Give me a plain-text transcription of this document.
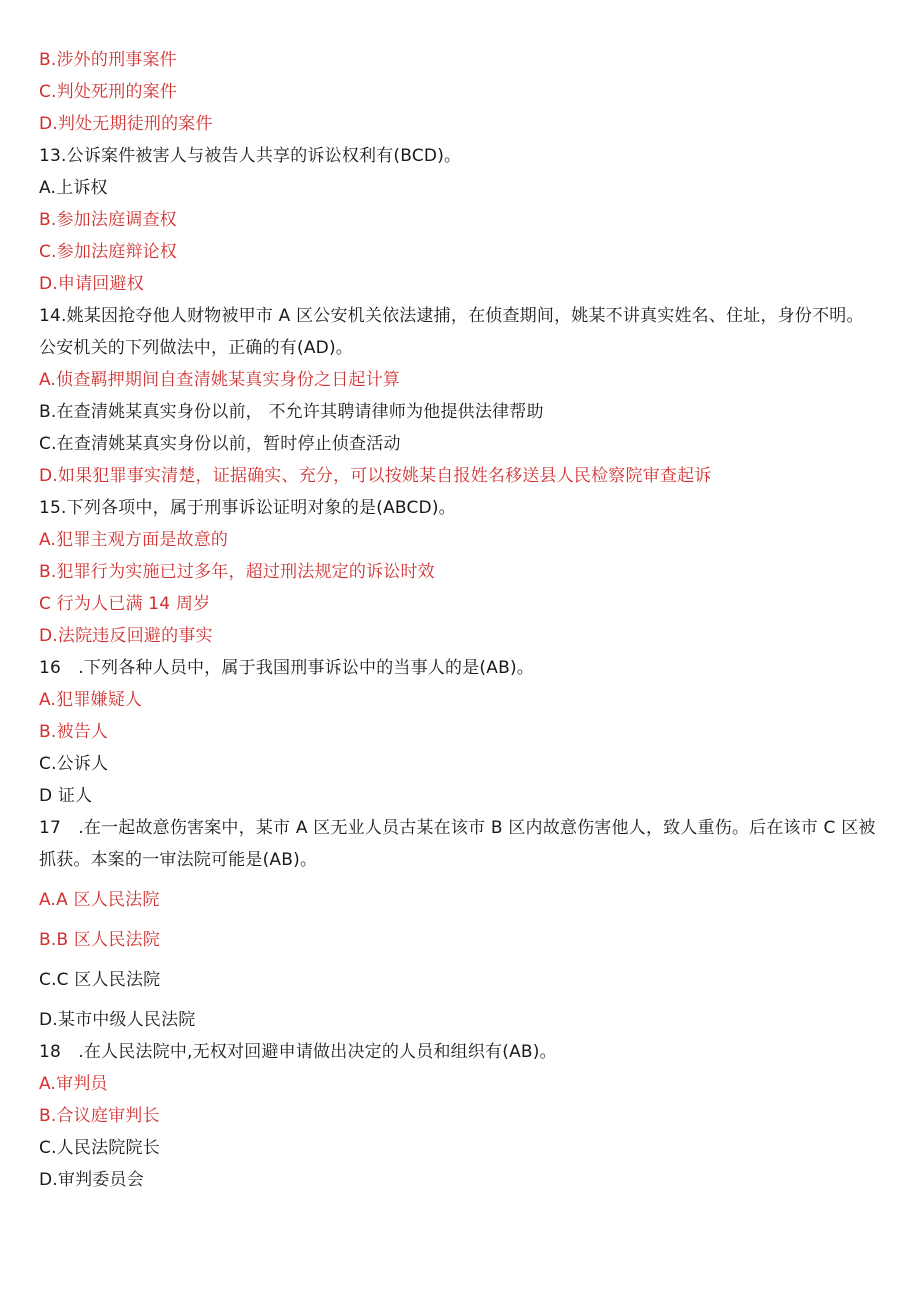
B.涉外的刑事案件
C.判处死刑的案件
D.判处无期徒刑的案件
13.公诉案件被害人与被告人共享的诉讼权利有(BCD)。
A.上诉权
B.参加法庭调查权
C.参加法庭辩论权
D.申请回避权
14.姚某因抢夺他人财物被甲市 A 区公安机关依法逮捕，在侦查期间，姚某不讲真实姓名、住址，身份不明。公安机关的下列做法中，正确的有(AD)。
A.侦查羁押期间自查清姚某真实身份之日起计算
B.在查清姚某真实身份以前， 不允许其聘请律师为他提供法律帮助
C.在查清姚某真实身份以前，暂时停止侦查活动
D.如果犯罪事实清楚，证据确实、充分，可以按姚某自报姓名移送县人民检察院审查起诉
15.下列各项中，属于刑事诉讼证明对象的是(ABCD)。
A.犯罪主观方面是故意的
B.犯罪行为实施已过多年，超过刑法规定的诉讼时效
C 行为人已满 14 周岁
D.法院违反回避的事实
16　.下列各种人员中，属于我国刑事诉讼中的当事人的是(AB)。
A.犯罪嫌疑人
B.被告人
C.公诉人
D 证人
17　.在一起故意伤害案中，某市 A 区无业人员古某在该市 B 区内故意伤害他人，致人重伤。后在该市 C 区被抓获。本案的一审法院可能是(AB)。
A.A 区人民法院
B.B 区人民法院
C.C 区人民法院
D.某市中级人民法院
18　.在人民法院中,无权对回避申请做出决定的人员和组织有(AB)。
A.审判员
B.合议庭审判长
C.人民法院院长
D.审判委员会
